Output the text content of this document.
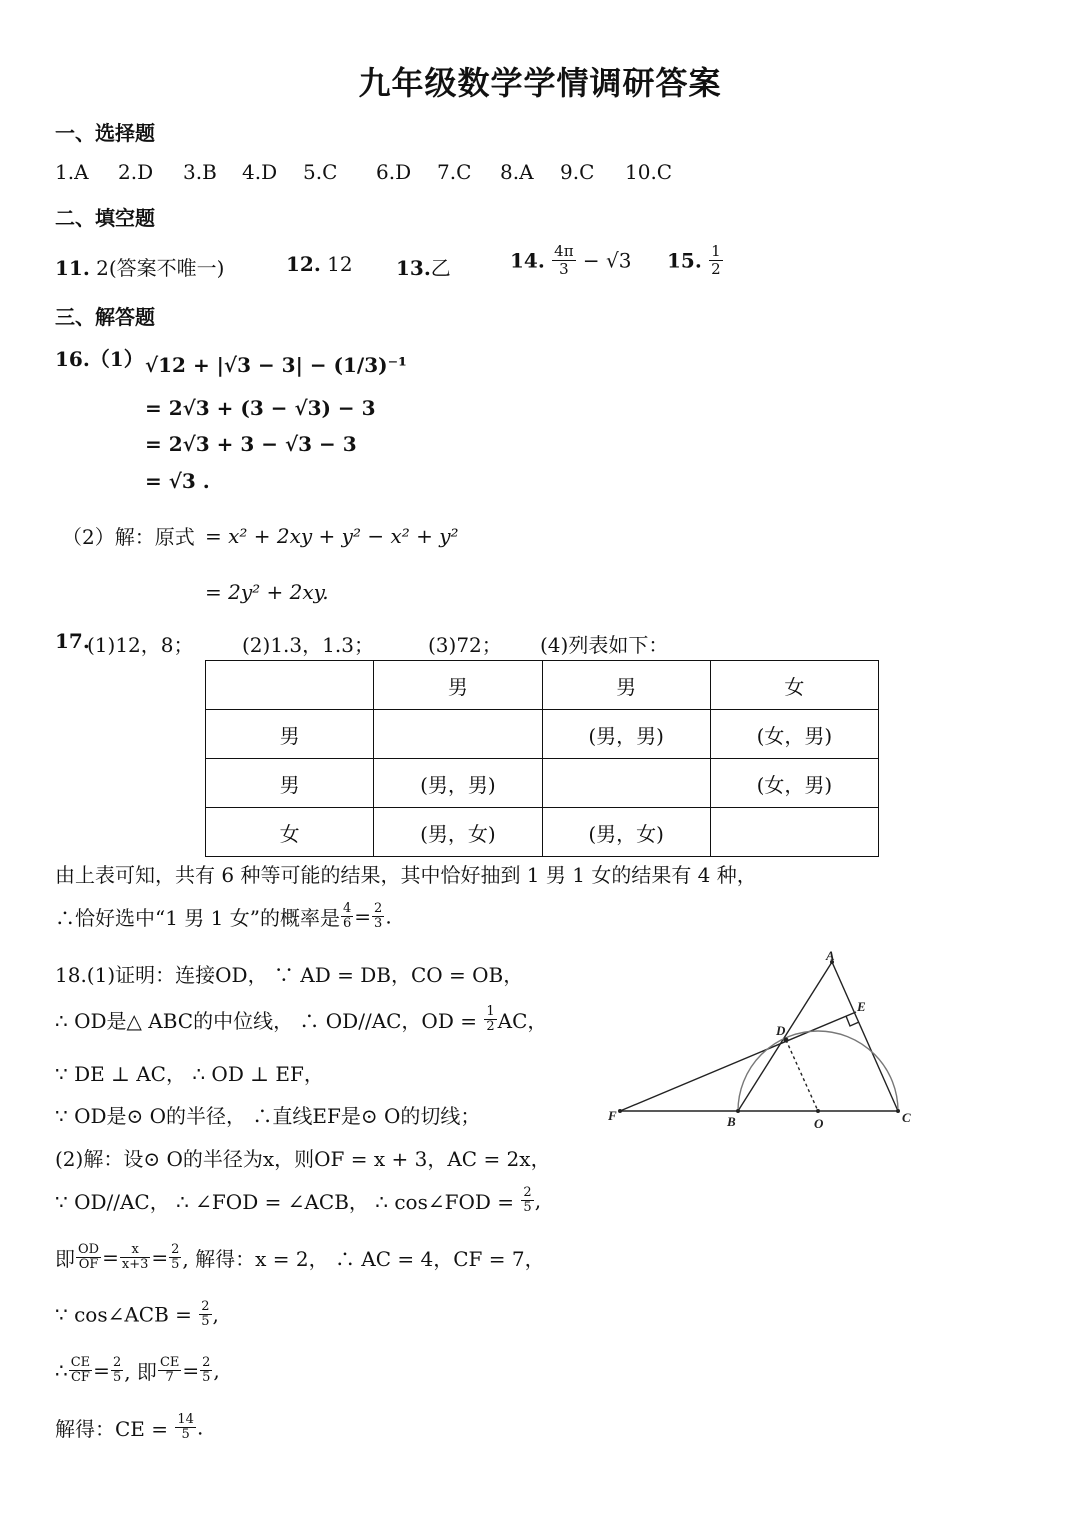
九年级数学学情调研答案
一、选择题
1.A 2.D 3.B 4.D 5.C 6.D 7.C 8.A 9.C 10.C
二、填空题
11. 2(答案不唯一)	12. 12 13.乙	14. $\frac{4\pi}{3} - √3$ 15. $\frac{1}{2}$
三、解答题
16.（1） √12 + |√3 − 3| − (1/3)⁻¹
= 2√3 + (3 − √3) − 3
= 2√3 + 3 − √3 − 3
= √3 .
（2）解：原式 = x² + 2xy + y² − x² + y²
= 2y² + 2xy.
17.
(1)12，8； (2)1.3，1.3；	(3)72； (4)列表如下：
	男	男	女
男		(男，男)	(女，男)
男	(男，男)		(女，男)
女	(男，女)	(男，女)	
由上表可知，共有 6 种等可能的结果，其中恰好抽到 1 男 1 女的结果有 4 种，
∴恰好选中“1 男 1 女”的概率是 $\frac{4}{6} = \frac{2}{3}$ .
18.(1)证明：连接OD， ∵ AD = DB，CO = OB，
∴ OD是△ ABC的中位线， ∴ OD//AC，OD = $\frac{1}{2}$ AC，
∵ DE ⊥ AC， ∴ OD ⊥ EF，
∵ OD是⊙ O的半径， ∴直线EF是⊙ O的切线；
(2)解：设⊙ O的半径为x，则OF = x + 3，AC = 2x，
∵ OD//AC， ∴ ∠FOD = ∠ACB， ∴ cos∠FOD = $\frac{2}{5}$ ,
即 $\frac{OD}{OF} = \frac{x}{x+3} = \frac{2}{5}$ , 解得：x = 2， ∴ AC = 4，CF = 7，
∵ cos∠ACB = $\frac{2}{5}$ ,
∴ $\frac{CE}{CF} = \frac{2}{5}$ , 即 $\frac{CE}{7} = \frac{2}{5}$ ,
解得：CE = $\frac{14}{5}$ .
A
E
D
F	B	O	C
